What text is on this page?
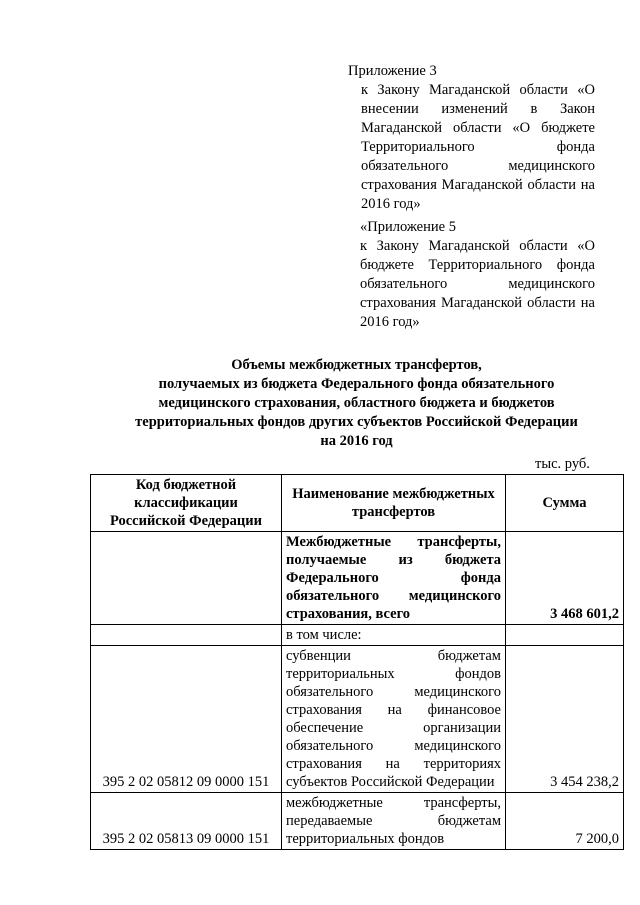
Приложение 3
к Закону Магаданской области «О внесении изменений в Закон Магаданской области «О бюджете Территориального фонда обязательного медицинского страхования Магаданской области на 2016 год»
«Приложение 5
к Закону Магаданской области «О бюджете Территориального фонда обязательного медицинского страхования Магаданской области на 2016 год»
Объемы межбюджетных трансфертов,
получаемых из бюджета Федерального фонда обязательного
медицинского страхования, областного бюджета и бюджетов
территориальных фондов других субъектов Российской Федерации
на 2016 год
тыс. руб.
Код бюджетной классификации Российской Федерации	Наименование межбюджетных трансфертов	Сумма
	Межбюджетные трансферты, получаемые из бюджета Федерального фонда обязательного медицинского страхования, всего	3 468 601,2
	в том числе:	
395 2 02 05812 09 0000 151	субвенции бюджетам территориальных фондов обязательного медицинского страхования на финансовое обеспечение организации обязательного медицинского страхования на территориях субъектов Российской Федерации	3 454 238,2
395 2 02 05813 09 0000 151	межбюджетные трансферты, передаваемые бюджетам территориальных фондов	7 200,0
